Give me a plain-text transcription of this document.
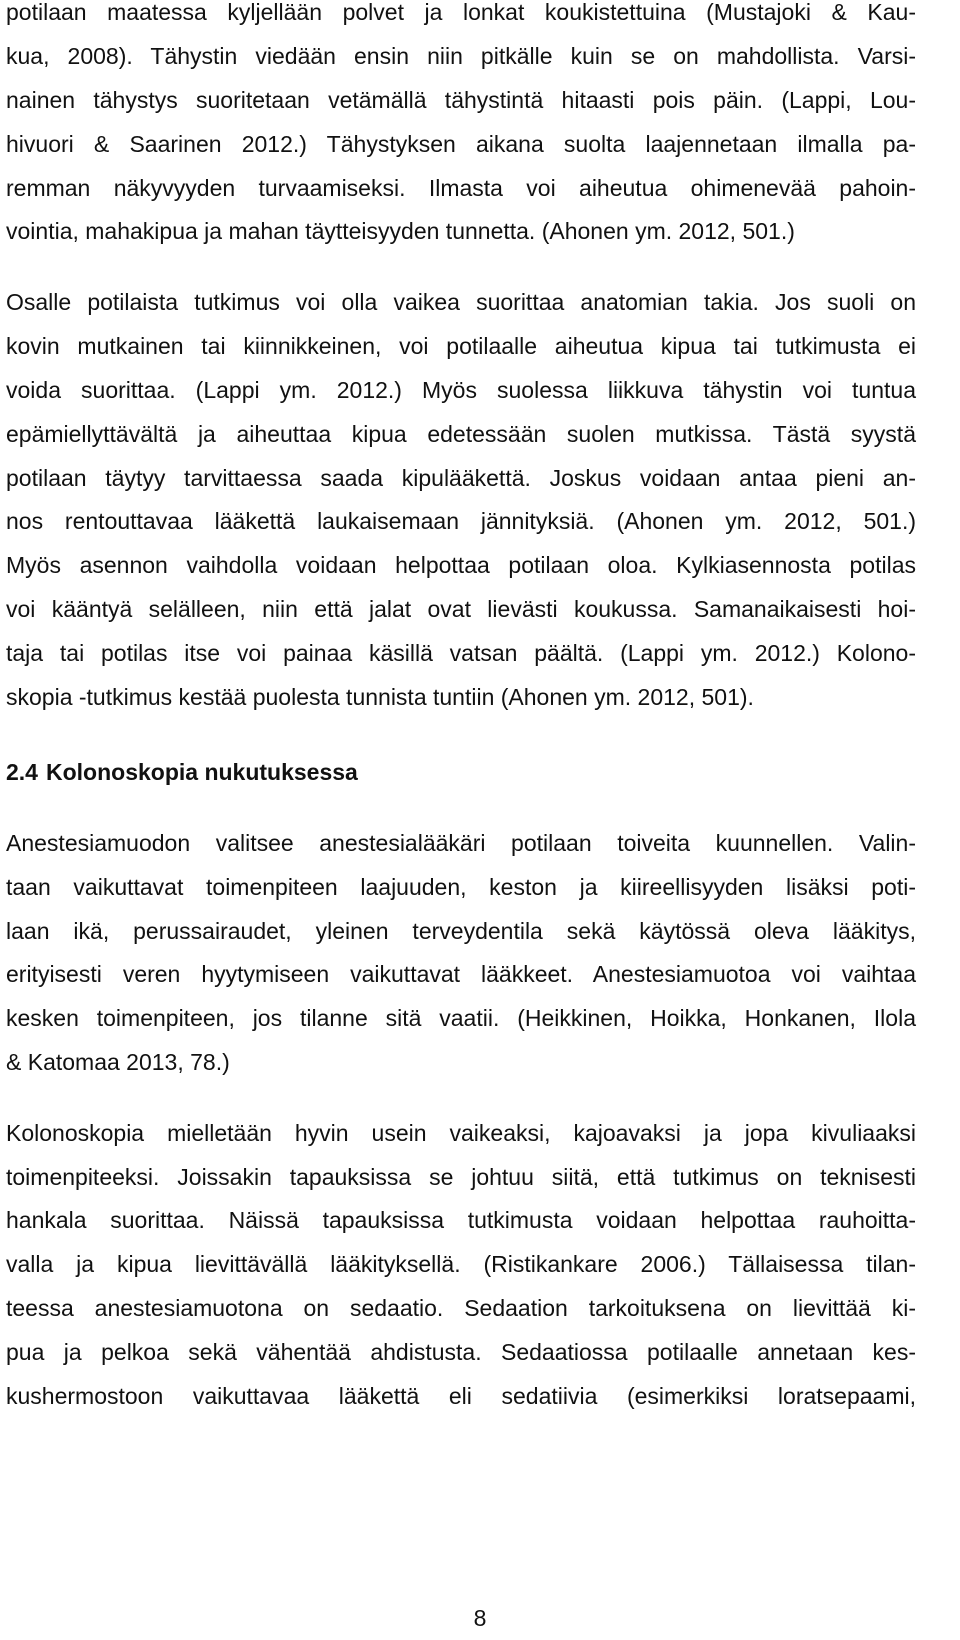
potilaan maatessa kyljellään polvet ja lonkat koukistettuina (Mustajoki & Kau-
kua, 2008). Tähystin viedään ensin niin pitkälle kuin se on mahdollista. Varsi-
nainen tähystys suoritetaan vetämällä tähystintä hitaasti pois päin. (Lappi, Lou-
hivuori & Saarinen 2012.) Tähystyksen aikana suolta laajennetaan ilmalla pa-
remman näkyvyyden turvaamiseksi. Ilmasta voi aiheutua ohimenevää pahoin-
vointia, mahakipua ja mahan täytteisyyden tunnetta. (Ahonen ym. 2012, 501.)
Osalle potilaista tutkimus voi olla vaikea suorittaa anatomian takia. Jos suoli on
kovin mutkainen tai kiinnikkeinen, voi potilaalle aiheutua kipua tai tutkimusta ei
voida suorittaa. (Lappi ym. 2012.) Myös suolessa liikkuva tähystin voi tuntua
epämiellyttävältä ja aiheuttaa kipua edetessään suolen mutkissa. Tästä syystä
potilaan täytyy tarvittaessa saada kipulääkettä. Joskus voidaan antaa pieni an-
nos rentouttavaa lääkettä laukaisemaan jännityksiä. (Ahonen ym. 2012, 501.)
Myös asennon vaihdolla voidaan helpottaa potilaan oloa. Kylkiasennosta potilas
voi kääntyä selälleen, niin että jalat ovat lievästi koukussa. Samanaikaisesti hoi-
taja tai potilas itse voi painaa käsillä vatsan päältä. (Lappi ym. 2012.) Kolono-
skopia -tutkimus kestää puolesta tunnista tuntiin (Ahonen ym. 2012, 501).
2.4 Kolonoskopia nukutuksessa
Anestesiamuodon valitsee anestesialääkäri potilaan toiveita kuunnellen. Valin-
taan vaikuttavat toimenpiteen laajuuden, keston ja kiireellisyyden lisäksi poti-
laan ikä, perussairaudet, yleinen terveydentila sekä käytössä oleva lääkitys,
erityisesti veren hyytymiseen vaikuttavat lääkkeet. Anestesiamuotoa voi vaihtaa
kesken toimenpiteen, jos tilanne sitä vaatii. (Heikkinen, Hoikka, Honkanen, Ilola
& Katomaa 2013, 78.)
Kolonoskopia mielletään hyvin usein vaikeaksi, kajoavaksi ja jopa kivuliaaksi
toimenpiteeksi. Joissakin tapauksissa se johtuu siitä, että tutkimus on teknisesti
hankala suorittaa. Näissä tapauksissa tutkimusta voidaan helpottaa rauhoitta-
valla ja kipua lievittävällä lääkityksellä. (Ristikankare 2006.) Tällaisessa tilan-
teessa anestesiamuotona on sedaatio. Sedaation tarkoituksena on lievittää ki-
pua ja pelkoa sekä vähentää ahdistusta. Sedaatiossa potilaalle annetaan kes-
kushermostoon vaikuttavaa lääkettä eli sedatiivia (esimerkiksi loratsepaami,
8
